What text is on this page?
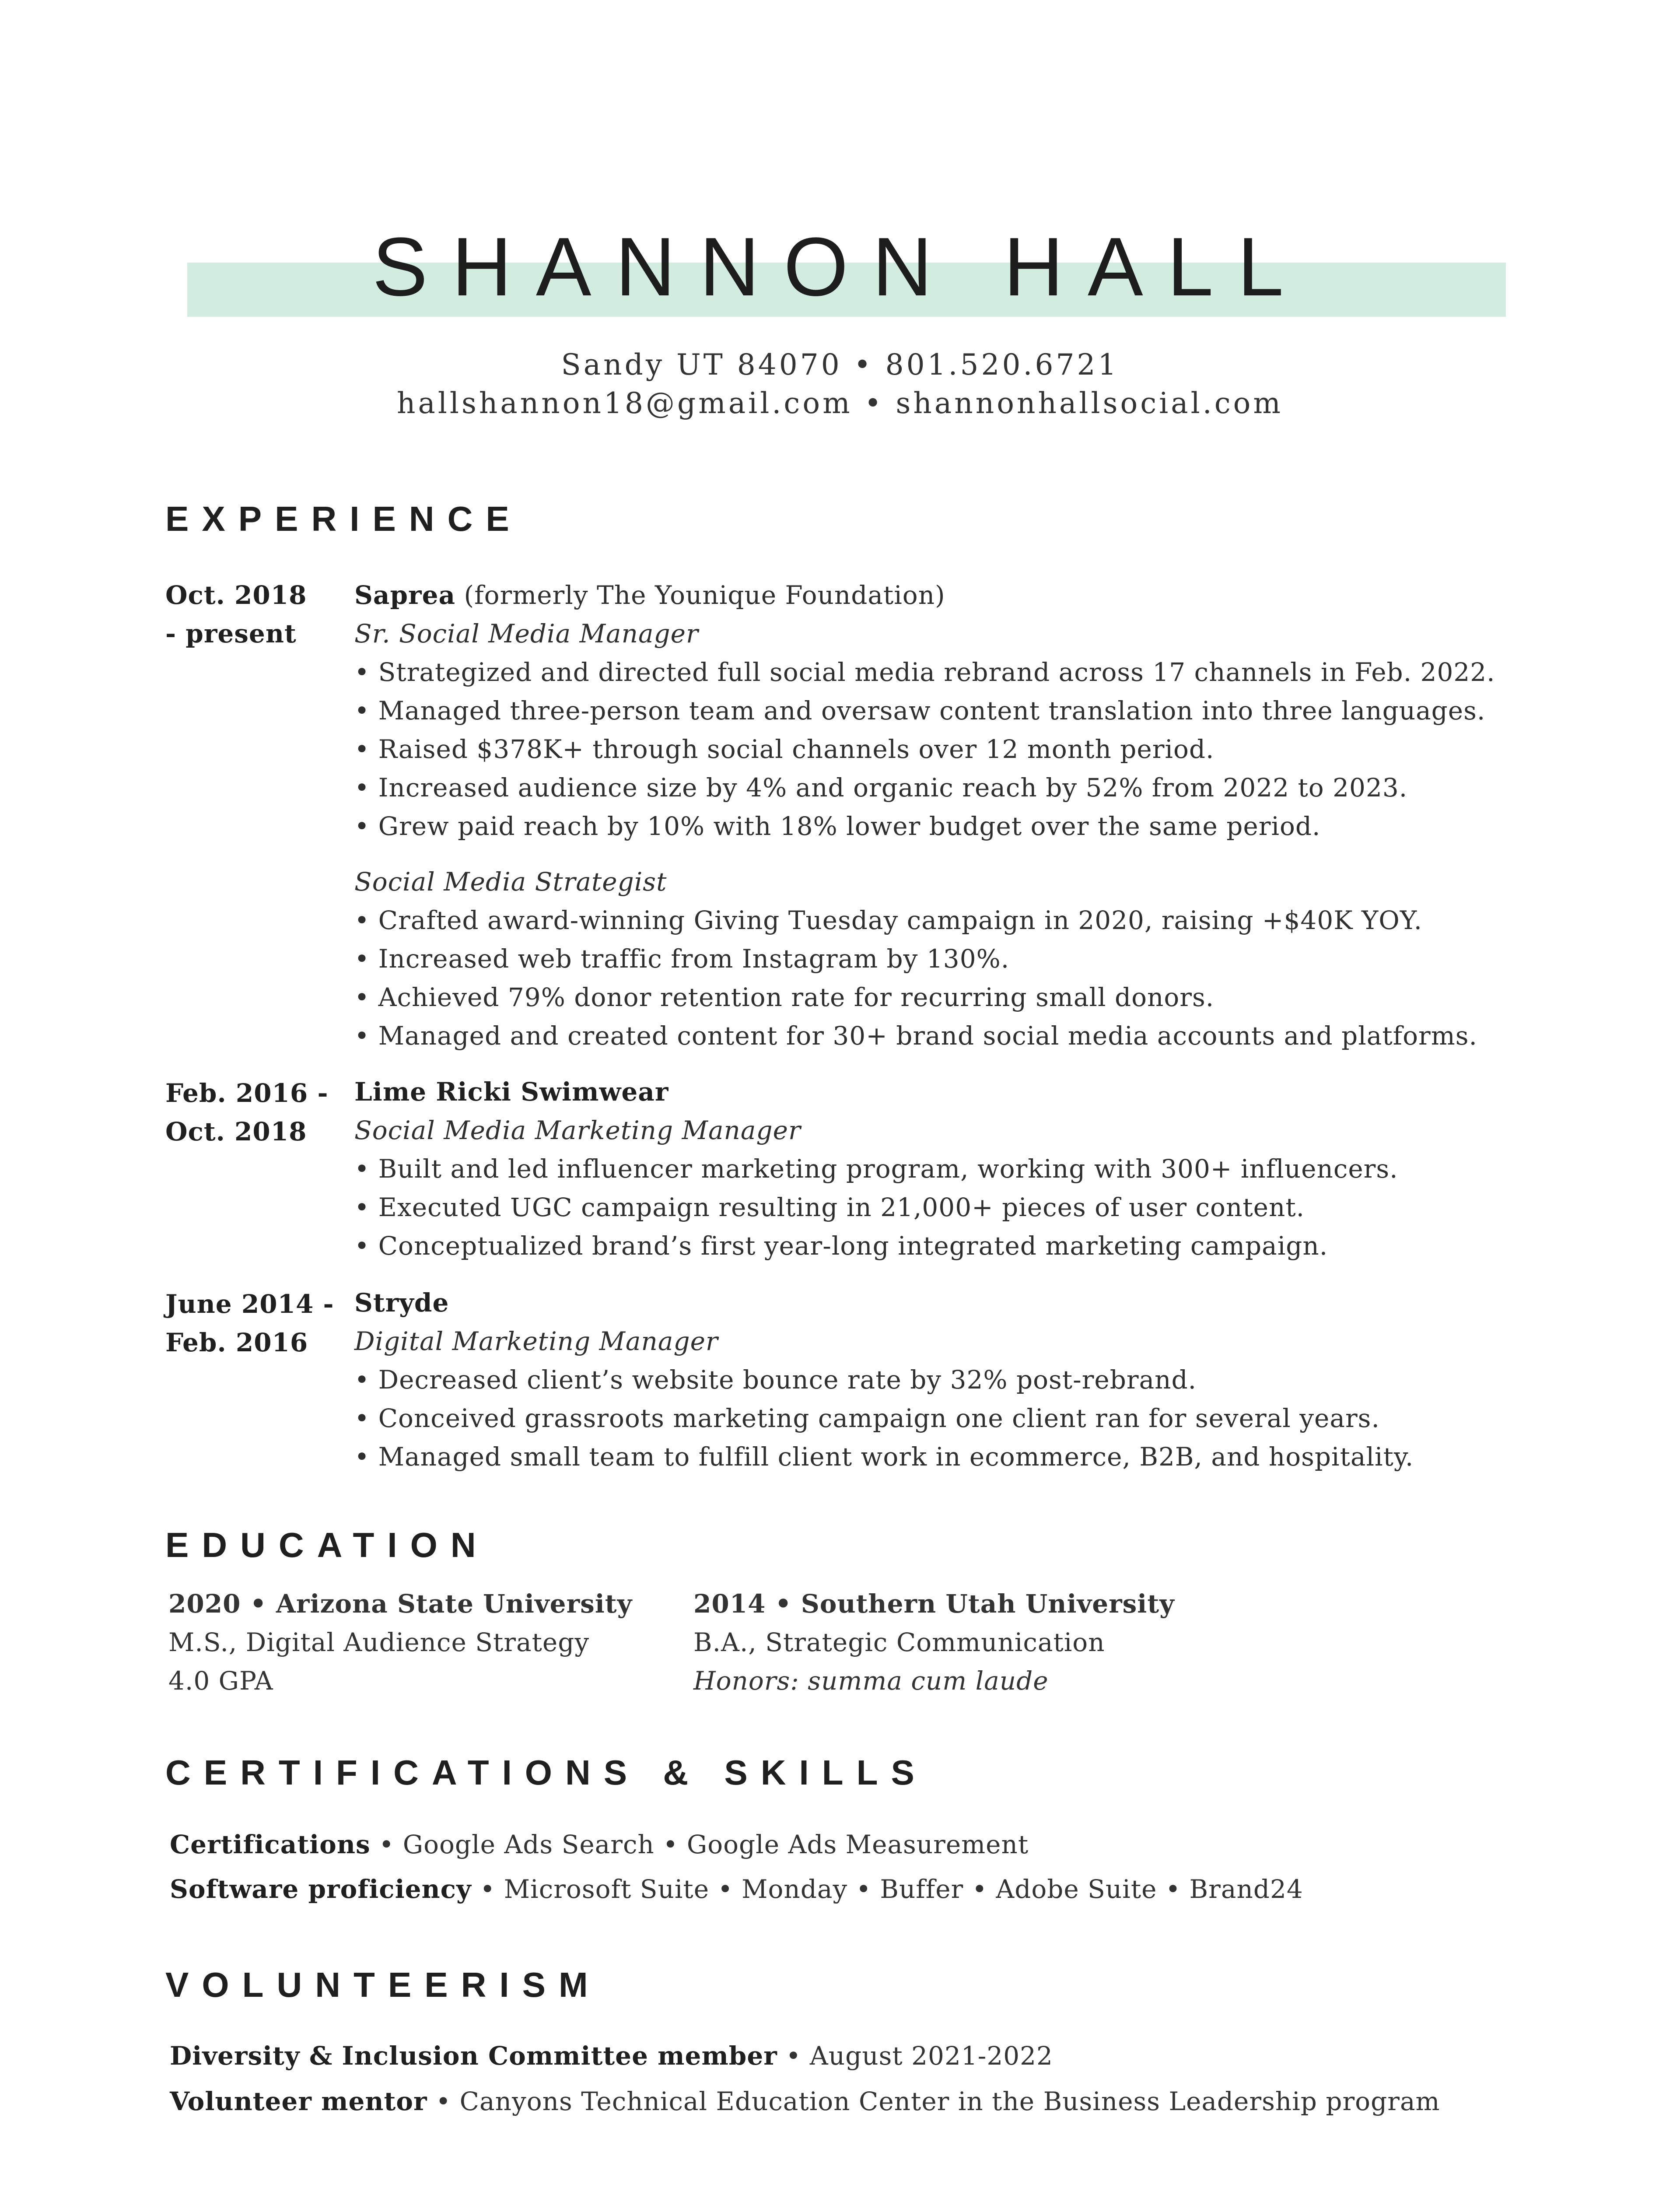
SHANNON HALL
Sandy UT 84070 • 801.520.6721
hallshannon18@gmail.com • shannonhallsocial.com
EXPERIENCE
Oct. 2018
- present
Saprea (formerly The Younique Foundation)
Sr. Social Media Manager
• Strategized and directed full social media rebrand across 17 channels in Feb. 2022.
• Managed three-person team and oversaw content translation into three languages.
• Raised $378K+ through social channels over 12 month period.
• Increased audience size by 4% and organic reach by 52% from 2022 to 2023.
• Grew paid reach by 10% with 18% lower budget over the same period.
Social Media Strategist
• Crafted award-winning Giving Tuesday campaign in 2020, raising +$40K YOY.
• Increased web traffic from Instagram by 130%.
• Achieved 79% donor retention rate for recurring small donors.
• Managed and created content for 30+ brand social media accounts and platforms.
Feb. 2016 -
Oct. 2018
Lime Ricki Swimwear
Social Media Marketing Manager
• Built and led influencer marketing program, working with 300+ influencers.
• Executed UGC campaign resulting in 21,000+ pieces of user content.
• Conceptualized brand’s first year-long integrated marketing campaign.
June 2014 -
Feb. 2016
Stryde
Digital Marketing Manager
• Decreased client’s website bounce rate by 32% post-rebrand.
• Conceived grassroots marketing campaign one client ran for several years.
• Managed small team to fulfill client work in ecommerce, B2B, and hospitality.
EDUCATION
2020 • Arizona State University
M.S., Digital Audience Strategy
4.0 GPA
2014 • Southern Utah University
B.A., Strategic Communication
Honors: summa cum laude
CERTIFICATIONS & SKILLS
Certifications • Google Ads Search • Google Ads Measurement
Software proficiency • Microsoft Suite • Monday • Buffer • Adobe Suite • Brand24
VOLUNTEERISM
Diversity & Inclusion Committee member • August 2021-2022
Volunteer mentor • Canyons Technical Education Center in the Business Leadership program
